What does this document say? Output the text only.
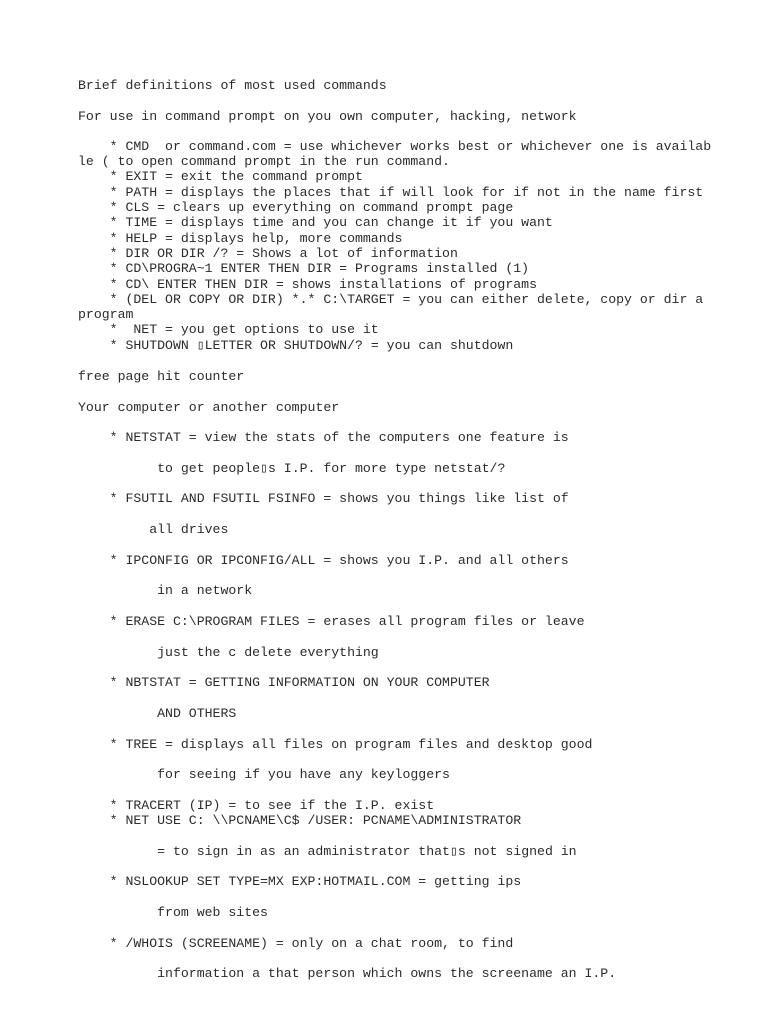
Brief definitions of most used commands
For use in command prompt on you own computer, hacking, network
* CMD  or command.com = use whichever works best or whichever one is availab
le ( to open command prompt in the run command.
* EXIT = exit the command prompt
* PATH = displays the places that if will look for if not in the name first
* CLS = clears up everything on command prompt page
* TIME = displays time and you can change it if you want
* HELP = displays help, more commands
* DIR OR DIR /? = Shows a lot of information
* CD\PROGRA~1 ENTER THEN DIR = Programs installed (1)
* CD\ ENTER THEN DIR = shows installations of programs
* (DEL OR COPY OR DIR) *.* C:\TARGET = you can either delete, copy or dir a
program
*  NET = you get options to use it
* SHUTDOWN ▯LETTER OR SHUTDOWN/? = you can shutdown
free page hit counter
Your computer or another computer
* NETSTAT = view the stats of the computers one feature is
to get people▯s I.P. for more type netstat/?
* FSUTIL AND FSUTIL FSINFO = shows you things like list of
all drives
* IPCONFIG OR IPCONFIG/ALL = shows you I.P. and all others
in a network
* ERASE C:\PROGRAM FILES = erases all program files or leave
just the c delete everything
* NBTSTAT = GETTING INFORMATION ON YOUR COMPUTER
AND OTHERS
* TREE = displays all files on program files and desktop good
for seeing if you have any keyloggers
* TRACERT (IP) = to see if the I.P. exist
* NET USE C: \\PCNAME\C$ /USER: PCNAME\ADMINISTRATOR
= to sign in as an administrator that▯s not signed in
* NSLOOKUP SET TYPE=MX EXP:HOTMAIL.COM = getting ips
from web sites
* /WHOIS (SCREENAME) = only on a chat room, to find
information a that person which owns the screename an I.P.
